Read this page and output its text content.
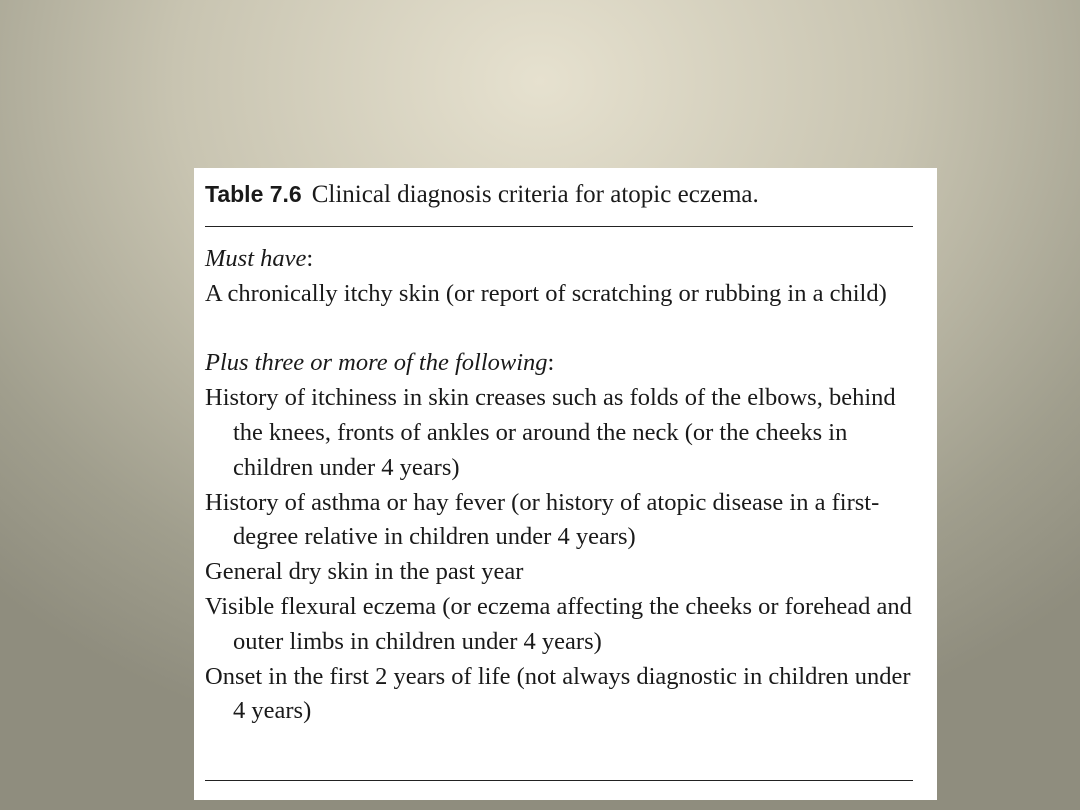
Table 7.6 Clinical diagnosis criteria for atopic eczema.
Must have:
A chronically itchy skin (or report of scratching or rubbing in a child)
Plus three or more of the following:
History of itchiness in skin creases such as folds of the elbows, behind the knees, fronts of ankles or around the neck (or the cheeks in children under 4 years)
History of asthma or hay fever (or history of atopic disease in a first-degree relative in children under 4 years)
General dry skin in the past year
Visible flexural eczema (or eczema affecting the cheeks or forehead and outer limbs in children under 4 years)
Onset in the first 2 years of life (not always diagnostic in children under 4 years)
